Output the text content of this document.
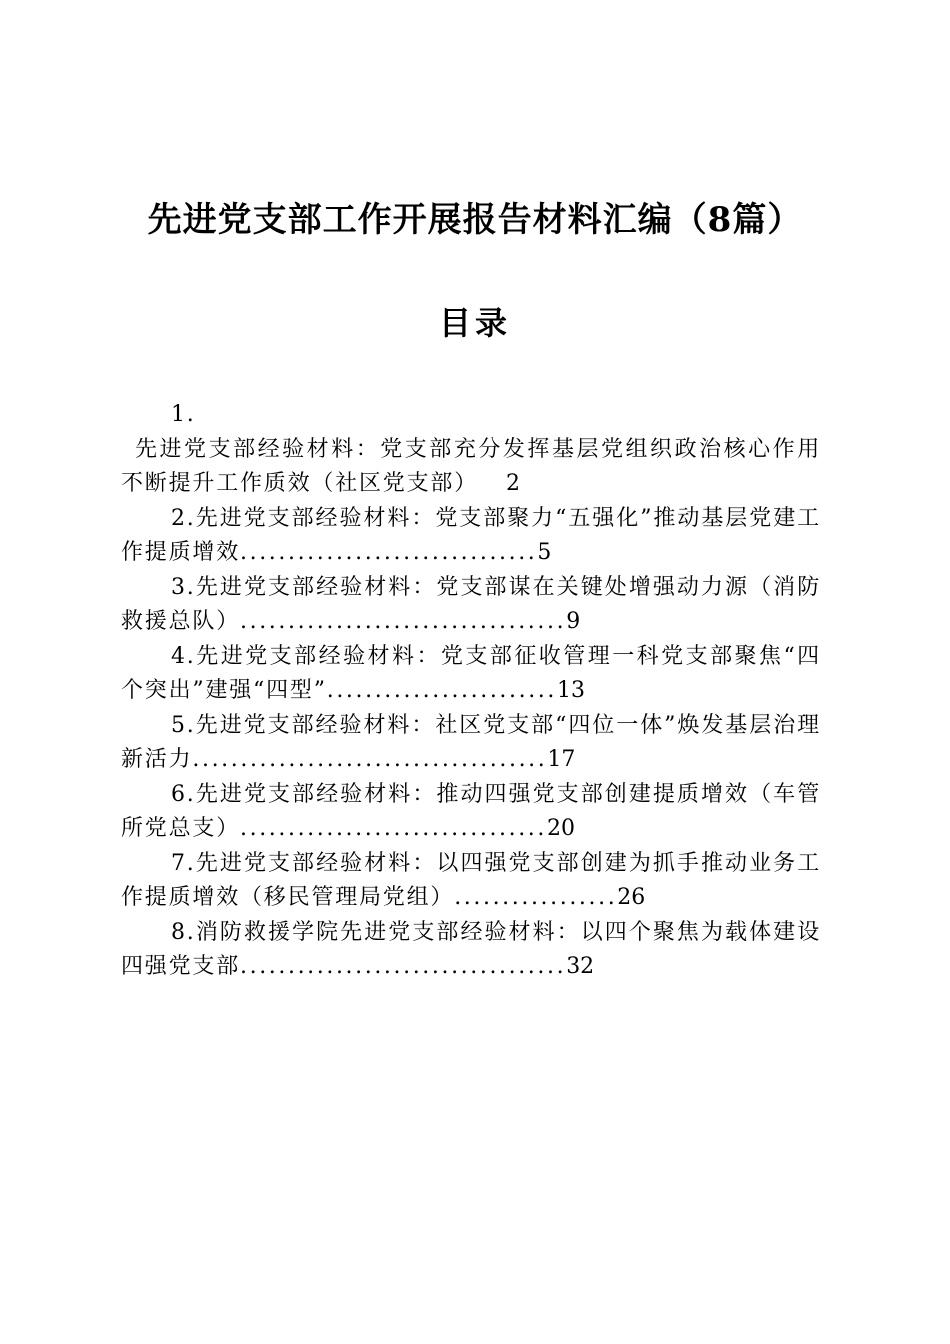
先进党支部工作开展报告材料汇编（8篇）
目录

1.
先进党支部经验材料：党支部充分发挥基层党组织政治核心作用不断提升工作质效（社区党支部） 2

2.先进党支部经验材料：党支部聚力“五强化”推动基层党建工作提质增效...............................5

3.先进党支部经验材料：党支部谋在关键处增强动力源（消防救援总队）..................................9

4.先进党支部经验材料：党支部征收管理一科党支部聚焦“四个突出”建强“四型”........................13

5.先进党支部经验材料：社区党支部“四位一体”焕发基层治理新活力.....................................17

6.先进党支部经验材料：推动四强党支部创建提质增效（车管所党总支）................................20

7.先进党支部经验材料：以四强党支部创建为抓手推动业务工作提质增效（移民管理局党组）.................26

8.消防救援学院先进党支部经验材料：以四个聚焦为载体建设四强党支部..................................32
